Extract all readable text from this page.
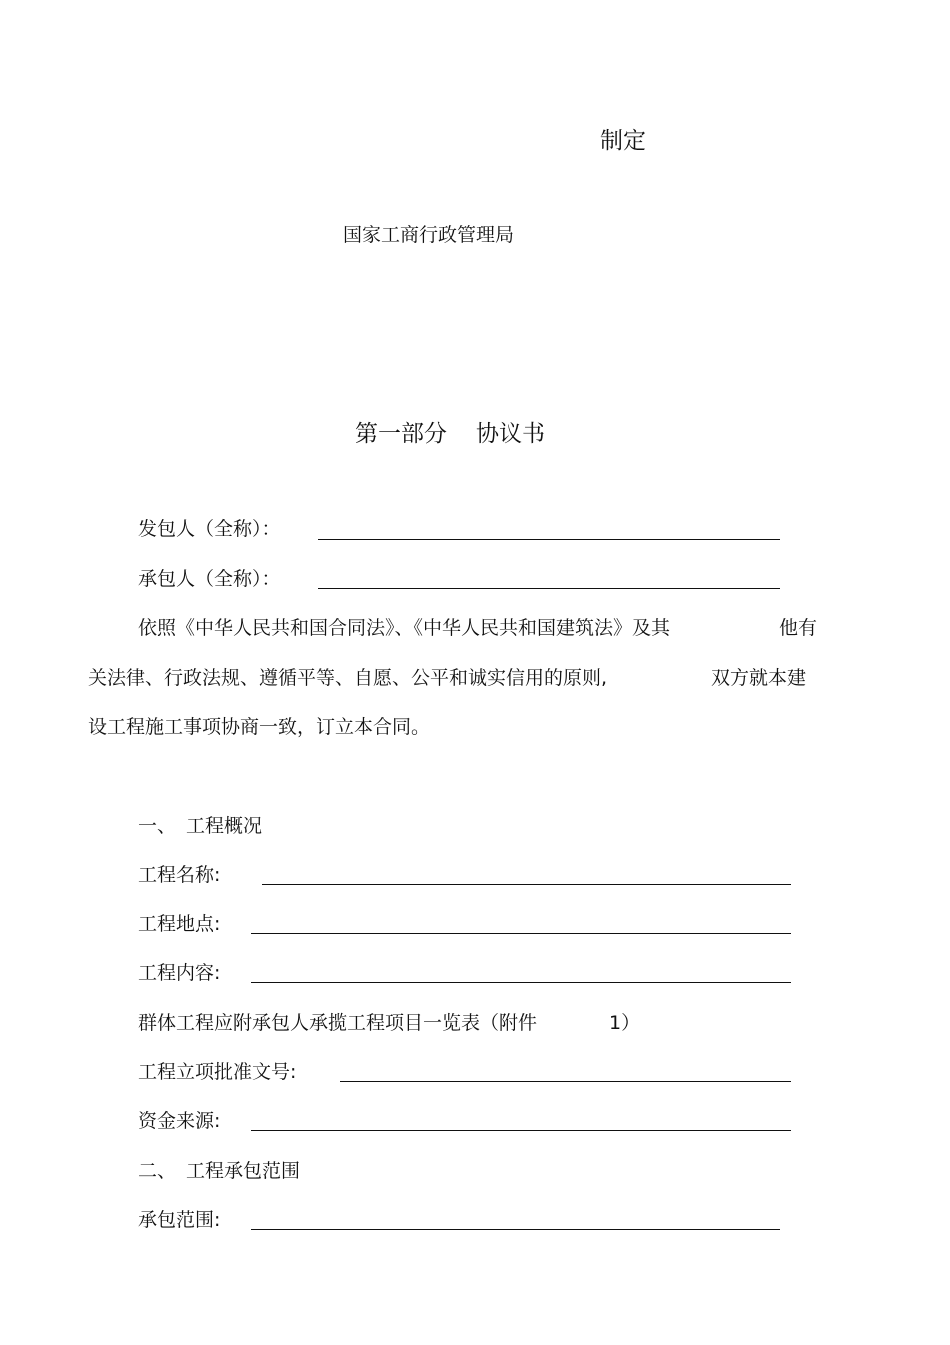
制定
国家工商行政管理局
第一部分 协议书
发包人（全称）：
承包人（全称）：
依照《中华人民共和国合同法》、《中华人民共和国建筑法》及其	他有
关法律、行政法规、遵循平等、自愿、公平和诚实信用的原则,	双方就本建
设工程施工事项协商一致，订立本合同。
一、 工程概况
工程名称:
工程地点:
工程内容:
群体工程应附承包人承揽工程项目一览表（附件	1）
工程立项批准文号:
资金来源:
二、 工程承包范围
承包范围:
